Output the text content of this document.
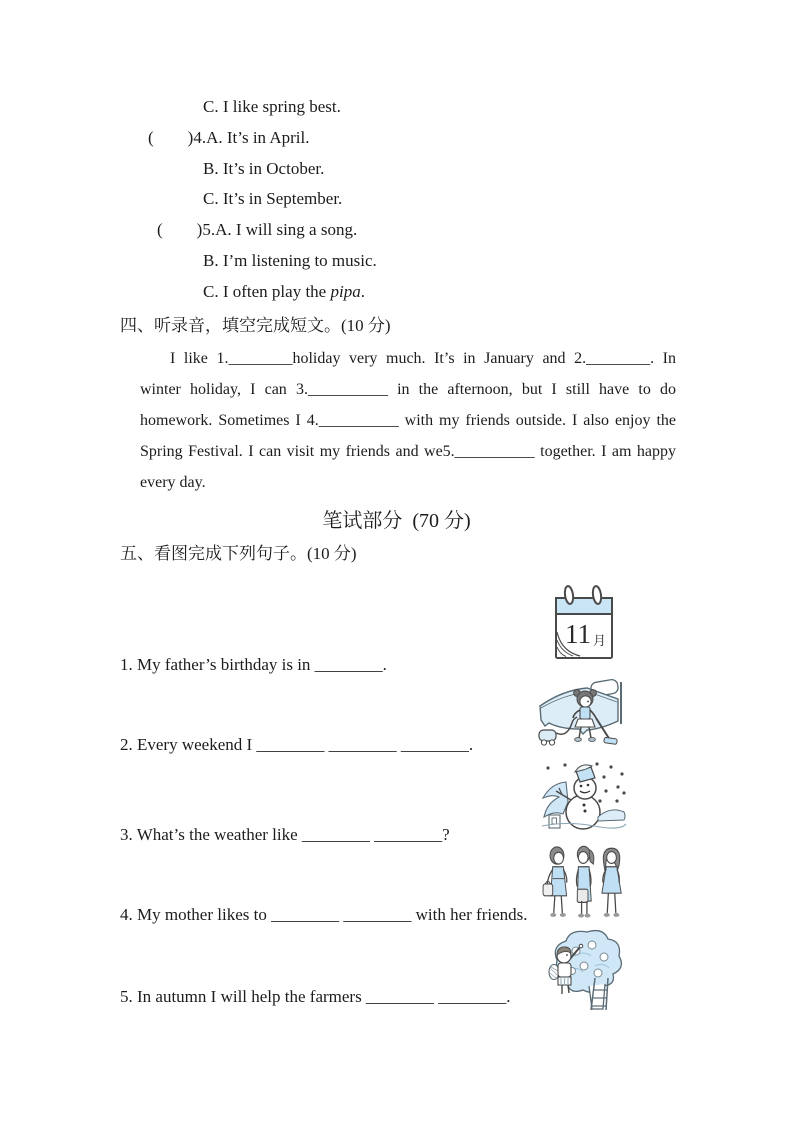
C. I like spring best.
(        )4.A. It’s in April.
B. It’s in October.
C. It’s in September.
(        )5.A. I will sing a song.
B. I’m listening to music.
C. I often play the pipa.
四、听录音，填空完成短文。(10 分)
I like 1.________holiday very much. It’s in January and 2.________. In
winter holiday, I can 3.__________ in the afternoon, but I still have to do
homework. Sometimes I 4.__________ with my friends outside. I also enjoy the
Spring Festival. I can visit my friends and we5.__________ together. I am happy
every day.
笔试部分  (70 分)
五、看图完成下列句子。(10 分)
1. My father’s birthday is in ________.
2. Every weekend I ________ ________ ________.
3. What’s the weather like ________ ________?
4. My mother likes to ________ ________ with her friends.
5. In autumn I will help the farmers ________ ________.
11 月
